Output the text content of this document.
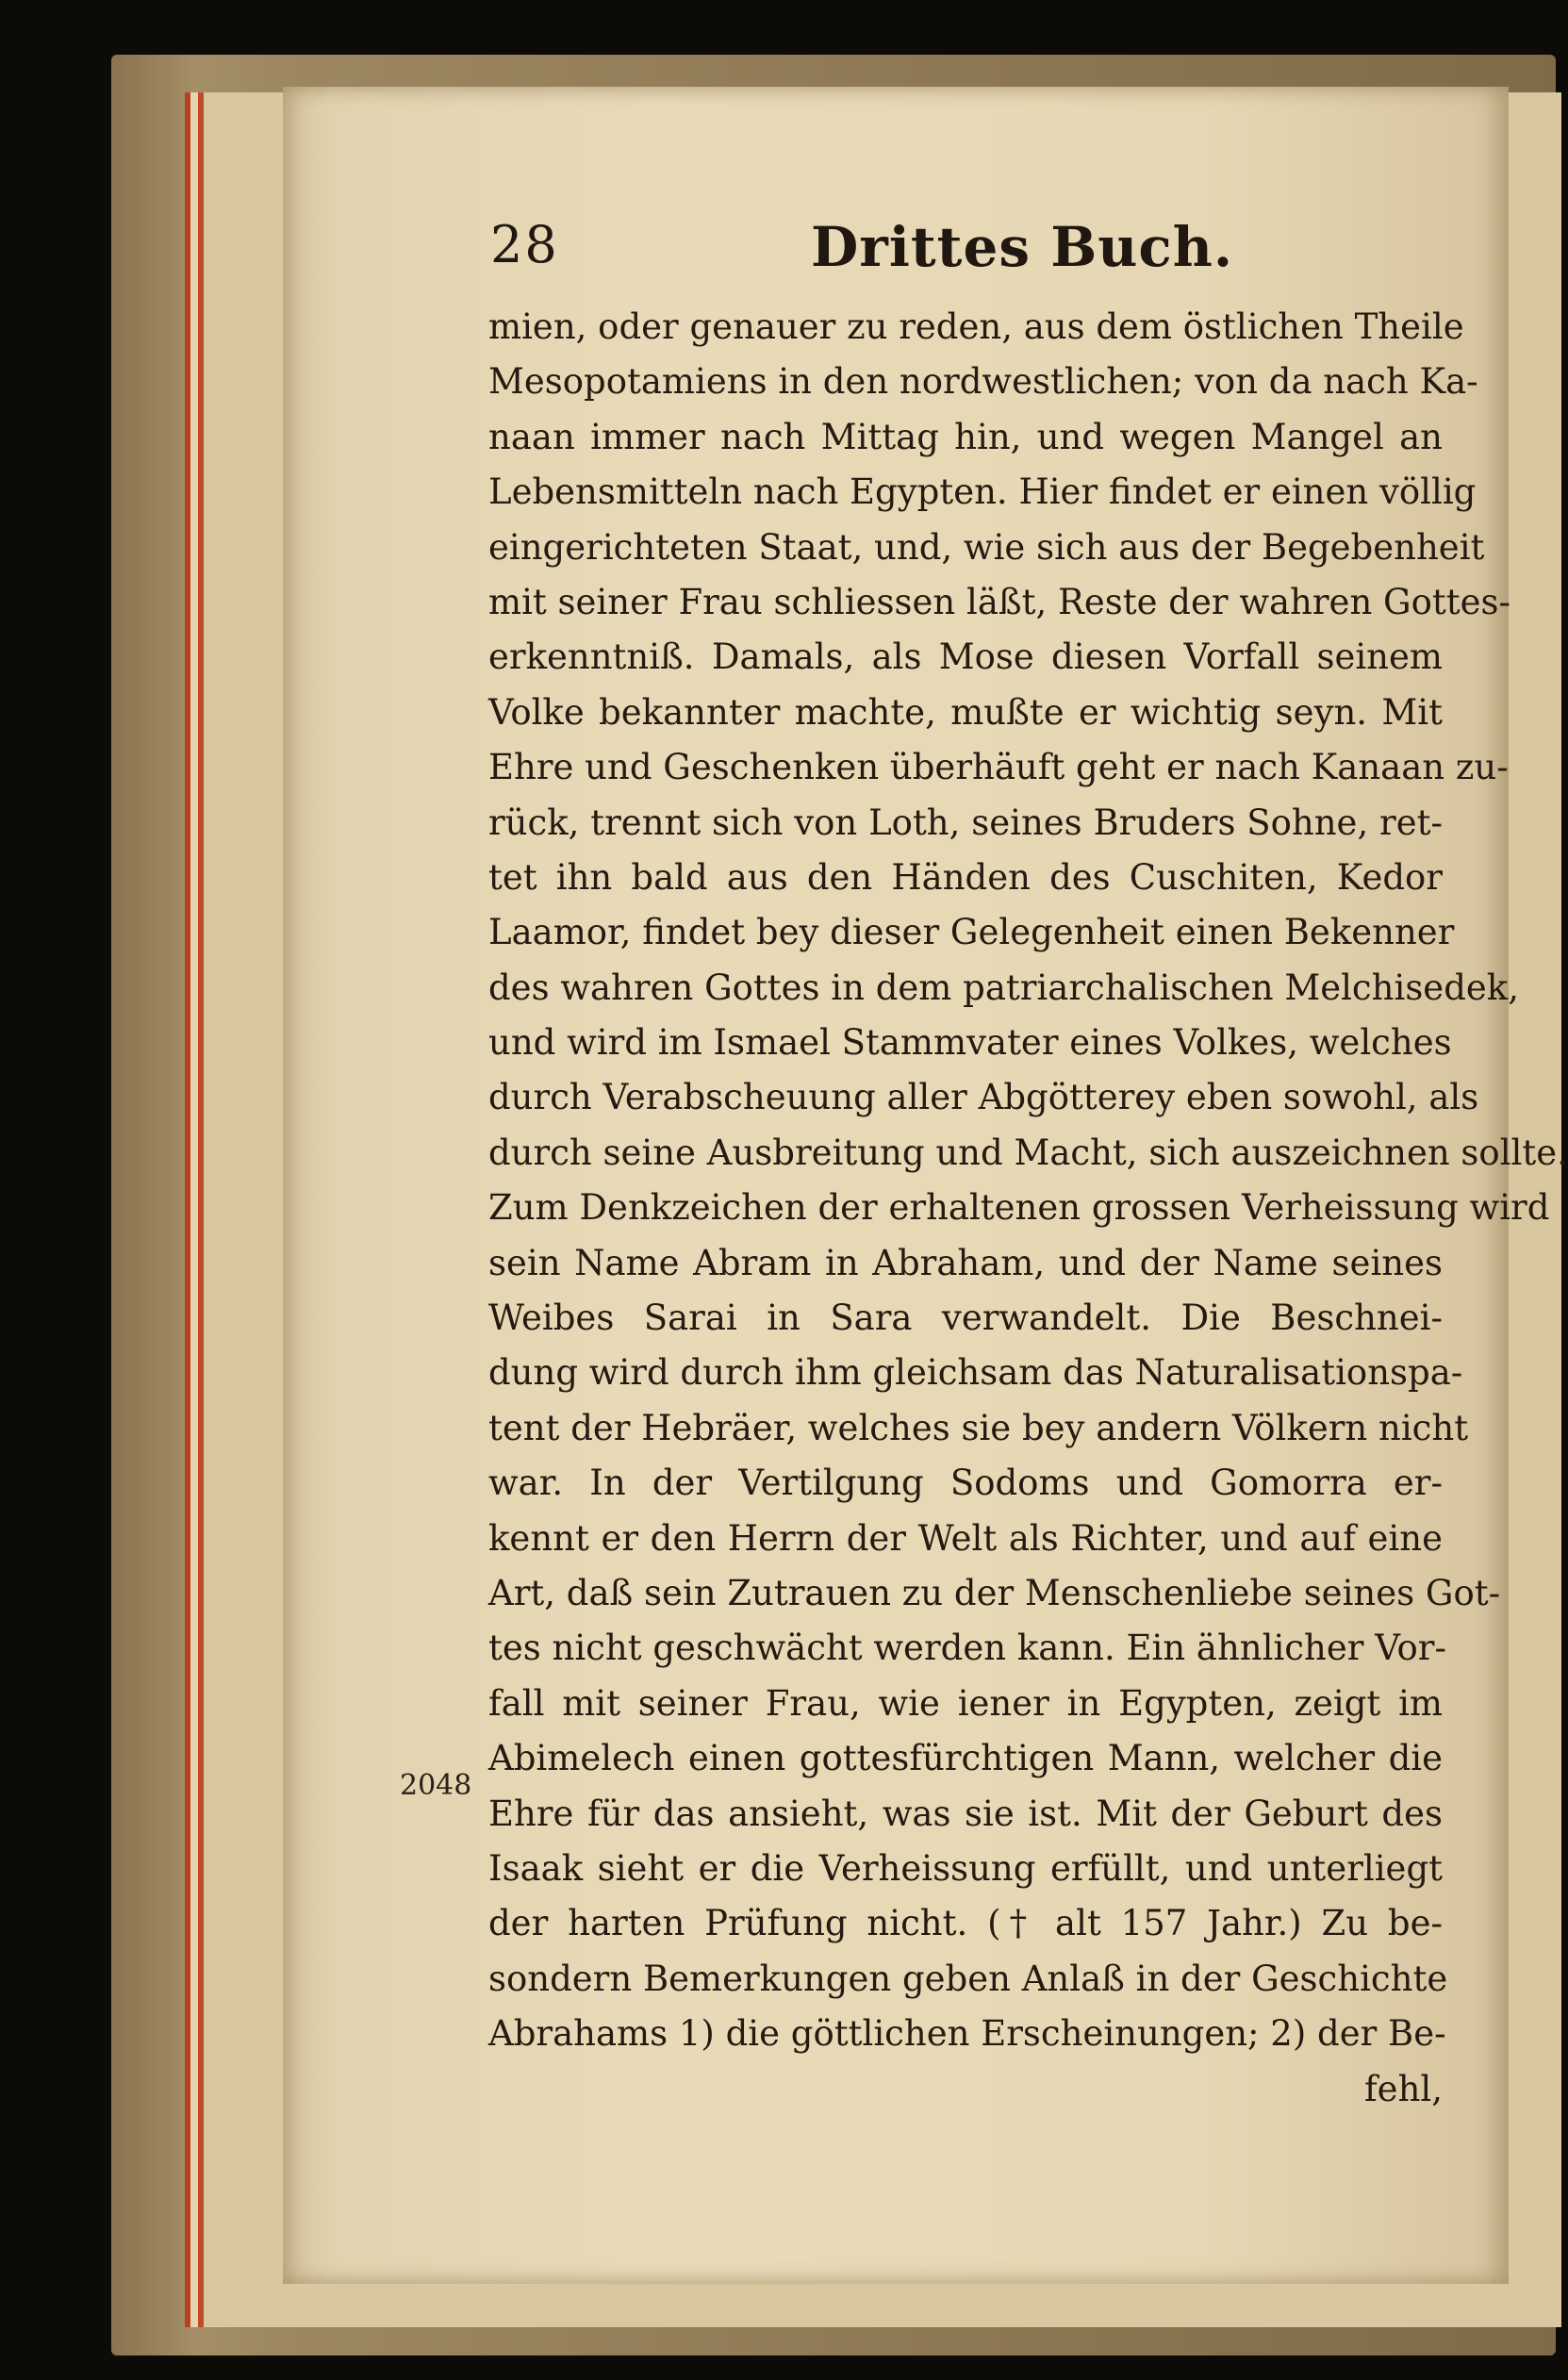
28	Drittes Buch.
2048
mien, oder genauer zu reden, aus dem östlichen Theile
Mesopotamiens in den nordwestlichen; von da nach Ka-
naan immer nach Mittag hin, und wegen Mangel an
Lebensmitteln nach Egypten. Hier findet er einen völlig
eingerichteten Staat, und, wie sich aus der Begebenheit
mit seiner Frau schliessen läßt, Reste der wahren Gottes-
erkenntniß. Damals, als Mose diesen Vorfall seinem
Volke bekannter machte, mußte er wichtig seyn. Mit
Ehre und Geschenken überhäuft geht er nach Kanaan zu-
rück, trennt sich von Loth, seines Bruders Sohne, ret-
tet ihn bald aus den Händen des Cuschiten, Kedor
Laamor, findet bey dieser Gelegenheit einen Bekenner
des wahren Gottes in dem patriarchalischen Melchisedek,
und wird im Ismael Stammvater eines Volkes, welches
durch Verabscheuung aller Abgötterey eben sowohl, als
durch seine Ausbreitung und Macht, sich auszeichnen sollte.
Zum Denkzeichen der erhaltenen grossen Verheissung wird
sein Name Abram in Abraham, und der Name seines
Weibes Sarai in Sara verwandelt. Die Beschnei-
dung wird durch ihm gleichsam das Naturalisationspa-
tent der Hebräer, welches sie bey andern Völkern nicht
war. In der Vertilgung Sodoms und Gomorra er-
kennt er den Herrn der Welt als Richter, und auf eine
Art, daß sein Zutrauen zu der Menschenliebe seines Got-
tes nicht geschwächt werden kann. Ein ähnlicher Vor-
fall mit seiner Frau, wie iener in Egypten, zeigt im
Abimelech einen gottesfürchtigen Mann, welcher die
Ehre für das ansieht, was sie ist. Mit der Geburt des
Isaak sieht er die Verheissung erfüllt, und unterliegt
der harten Prüfung nicht. († alt 157 Jahr.) Zu be-
sondern Bemerkungen geben Anlaß in der Geschichte
Abrahams 1) die göttlichen Erscheinungen; 2) der Be-
fehl,
